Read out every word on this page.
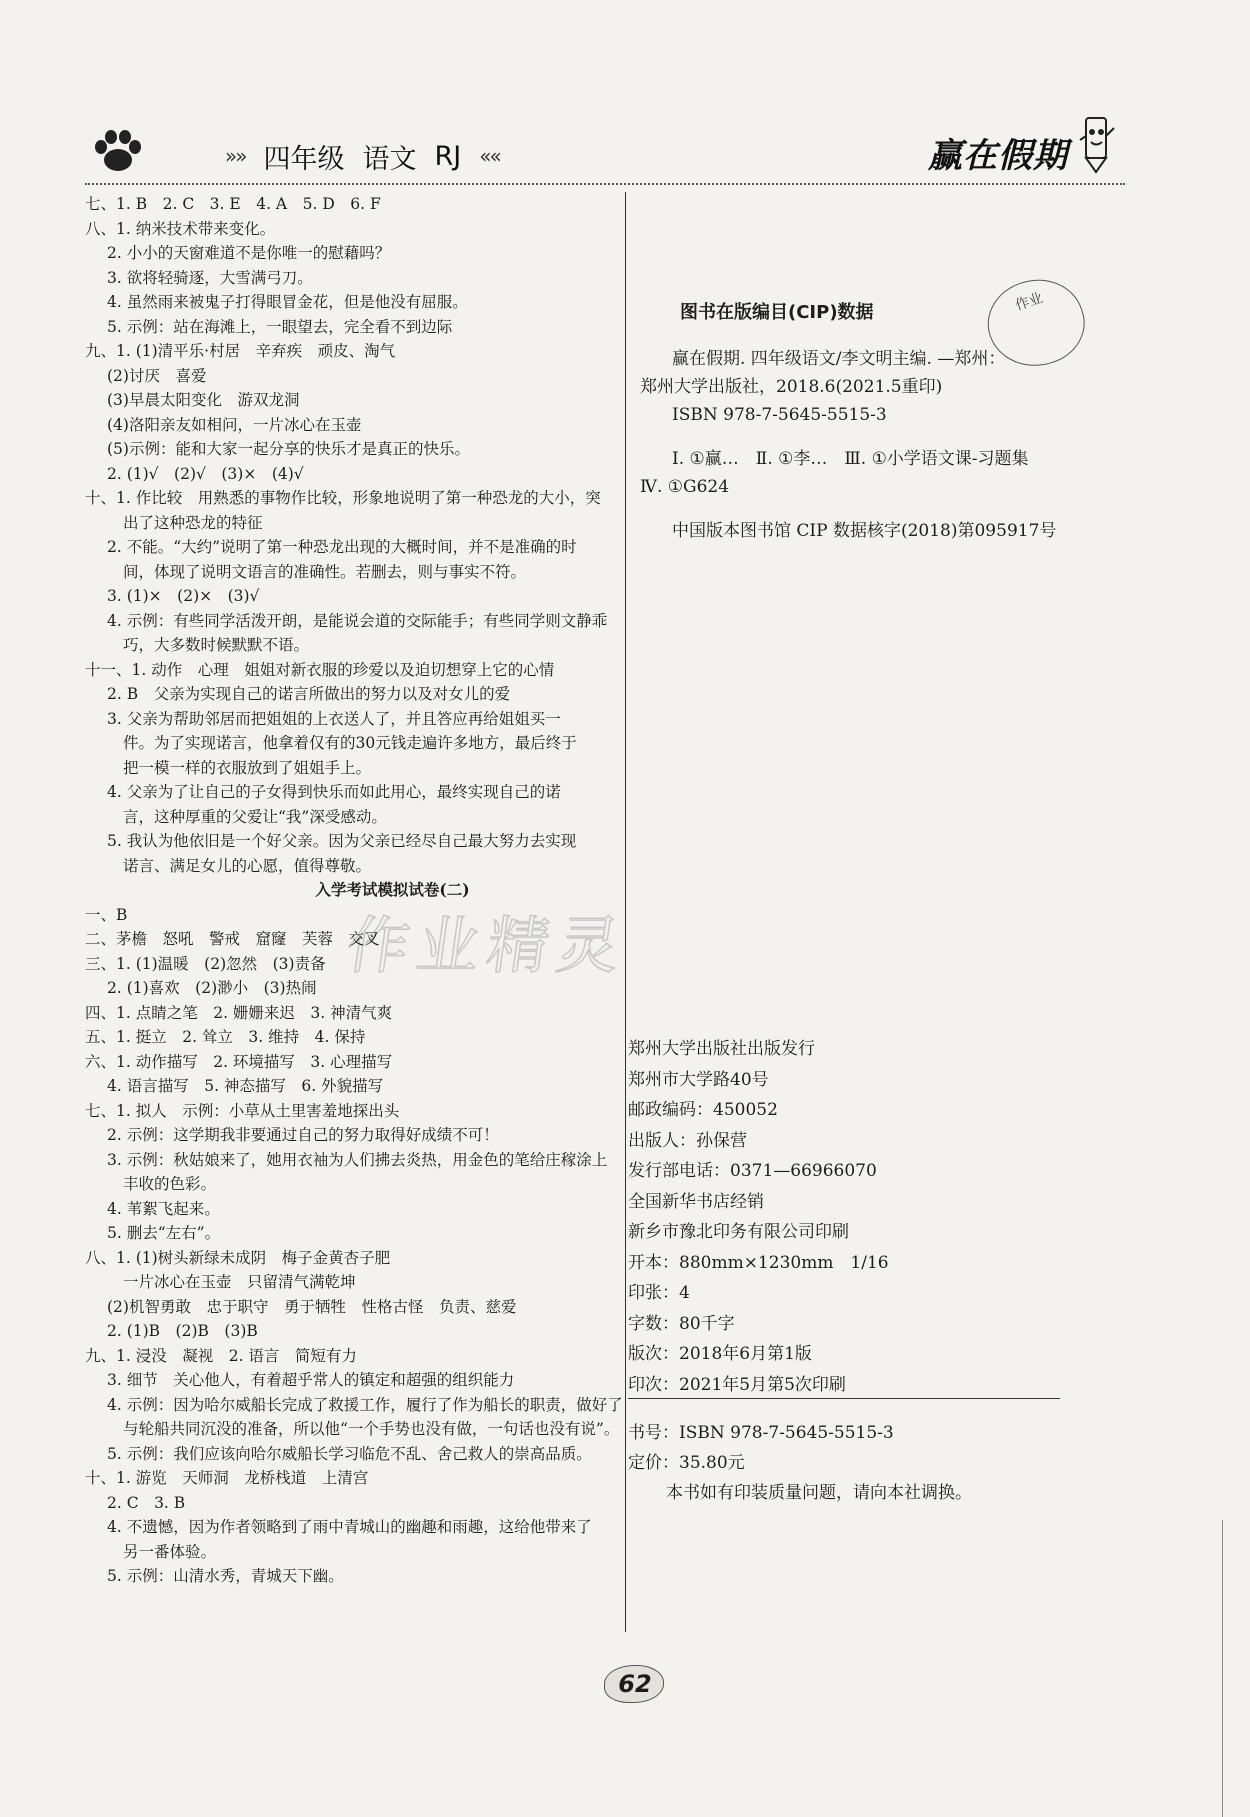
»» 四年级 语文 RJ ««	赢在假期
作业精灵
七、1. B　2. C　3. E　4. A　5. D　6. F
八、1. 纳米技术带来变化。
2. 小小的天窗难道不是你唯一的慰藉吗？
3. 欲将轻骑逐，大雪满弓刀。
4. 虽然雨来被鬼子打得眼冒金花，但是他没有屈服。
5. 示例：站在海滩上，一眼望去，完全看不到边际
九、1. (1)清平乐·村居　辛弃疾　顽皮、淘气
(2)讨厌　喜爱
(3)早晨太阳变化　游双龙洞
(4)洛阳亲友如相问，一片冰心在玉壶
(5)示例：能和大家一起分享的快乐才是真正的快乐。
2. (1)√　(2)√　(3)×　(4)√
十、1. 作比较　用熟悉的事物作比较，形象地说明了第一种恐龙的大小，突
出了这种恐龙的特征
2. 不能。“大约”说明了第一种恐龙出现的大概时间，并不是准确的时
间，体现了说明文语言的准确性。若删去，则与事实不符。
3. (1)×　(2)×　(3)√
4. 示例：有些同学活泼开朗，是能说会道的交际能手；有些同学则文静乖
巧，大多数时候默默不语。
十一、1. 动作　心理　姐姐对新衣服的珍爱以及迫切想穿上它的心情
2. B　父亲为实现自己的诺言所做出的努力以及对女儿的爱
3. 父亲为帮助邻居而把姐姐的上衣送人了，并且答应再给姐姐买一
件。为了实现诺言，他拿着仅有的30元钱走遍许多地方，最后终于
把一模一样的衣服放到了姐姐手上。
4. 父亲为了让自己的子女得到快乐而如此用心，最终实现自己的诺
言，这种厚重的父爱让“我”深受感动。
5. 我认为他依旧是一个好父亲。因为父亲已经尽自己最大努力去实现
诺言、满足女儿的心愿，值得尊敬。
入学考试模拟试卷(二)
一、B
二、茅檐　怒吼　警戒　窟窿　芙蓉　交叉
三、1. (1)温暖　(2)忽然　(3)责备
2. (1)喜欢　(2)渺小　(3)热闹
四、1. 点睛之笔　2. 姗姗来迟　3. 神清气爽
五、1. 挺立　2. 耸立　3. 维持　4. 保持
六、1. 动作描写　2. 环境描写　3. 心理描写
4. 语言描写　5. 神态描写　6. 外貌描写
七、1. 拟人　示例：小草从土里害羞地探出头
2. 示例：这学期我非要通过自己的努力取得好成绩不可！
3. 示例：秋姑娘来了，她用衣袖为人们拂去炎热，用金色的笔给庄稼涂上
丰收的色彩。
4. 苇絮飞起来。
5. 删去“左右”。
八、1. (1)树头新绿未成阴　梅子金黄杏子肥
一片冰心在玉壶　只留清气满乾坤
(2)机智勇敢　忠于职守　勇于牺牲　性格古怪　负责、慈爱
2. (1)B　(2)B　(3)B
九、1. 浸没　凝视　2. 语言　简短有力
3. 细节　关心他人，有着超乎常人的镇定和超强的组织能力
4. 示例：因为哈尔威船长完成了救援工作，履行了作为船长的职责，做好了
与轮船共同沉没的准备，所以他“一个手势也没有做，一句话也没有说”。
5. 示例：我们应该向哈尔威船长学习临危不乱、舍己救人的崇高品质。
十、1. 游览　天师洞　龙桥栈道　上清宫
2. C　3. B
4. 不遗憾，因为作者领略到了雨中青城山的幽趣和雨趣，这给他带来了
另一番体验。
5. 示例：山清水秀，青城天下幽。
图书在版编目(CIP)数据	作业
赢在假期. 四年级语文/李文明主编. —郑州：
郑州大学出版社，2018.6(2021.5重印)
ISBN 978-7-5645-5515-3
Ⅰ. ①赢…　Ⅱ. ①李…　Ⅲ. ①小学语文课-习题集
Ⅳ. ①G624
中国版本图书馆 CIP 数据核字(2018)第095917号
郑州大学出版社出版发行
郑州市大学路40号
邮政编码：450052
出版人：孙保营
发行部电话：0371—66966070
全国新华书店经销
新乡市豫北印务有限公司印刷
开本：880mm×1230mm　1/16
印张：4
字数：80千字
版次：2018年6月第1版
印次：2021年5月第5次印刷
书号：ISBN 978-7-5645-5515-3
定价：35.80元
本书如有印装质量问题，请向本社调换。
62
